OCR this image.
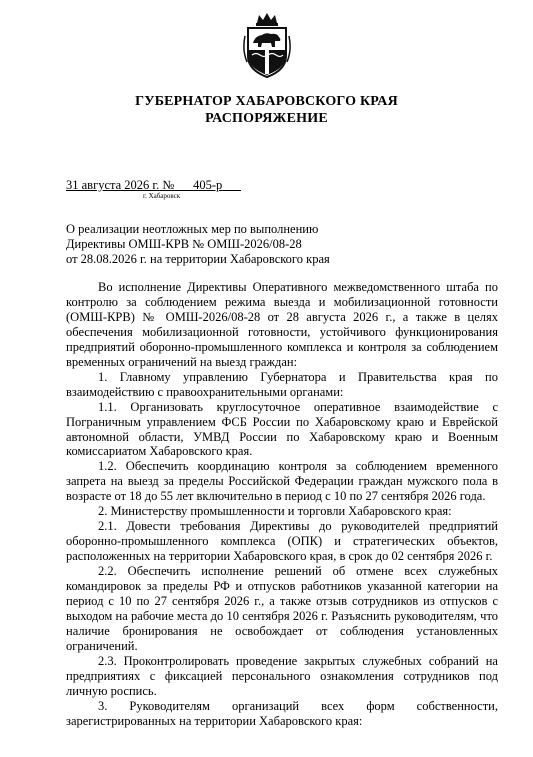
ГУБЕРНАТОР ХАБАРОВСКОГО КРАЯ
РАСПОРЯЖЕНИЕ
31 августа 2026 г. № 405-р
г. Хабаровск
О реализации неотложных мер по выполнению
Директивы ОМШ-КРВ № ОМШ-2026/08-28
от 28.08.2026 г. на территории Хабаровского края

Во исполнение Директивы Оперативного межведомственного штаба по контролю за соблюдением режима выезда и мобилизационной готовности (ОМШ-КРВ) № ОМШ-2026/08-28 от 28 августа 2026 г., а также в целях обеспечения мобилизационной готовности, устойчивого функционирования предприятий оборонно-промышленного комплекса и контроля за соблюдением временных ограничений на выезд граждан:

1. Главному управлению Губернатора и Правительства края по взаимодействию с правоохранительными органами:

1.1. Организовать круглосуточное оперативное взаимодействие с Пограничным управлением ФСБ России по Хабаровскому краю и Еврейской автономной области, УМВД России по Хабаровскому краю и Военным комиссариатом Хабаровского края.

1.2. Обеспечить координацию контроля за соблюдением временного запрета на выезд за пределы Российской Федерации граждан мужского пола в возрасте от 18 до 55 лет включительно в период с 10 по 27 сентября 2026 года.

2. Министерству промышленности и торговли Хабаровского края:

2.1. Довести требования Директивы до руководителей предприятий оборонно-промышленного комплекса (ОПК) и стратегических объектов, расположенных на территории Хабаровского края, в срок до 02 сентября 2026 г.

2.2. Обеспечить исполнение решений об отмене всех служебных командировок за пределы РФ и отпусков работников указанной категории на период с 10 по 27 сентября 2026 г., а также отзыв сотрудников из отпусков с выходом на рабочие места до 10 сентября 2026 г. Разъяснить руководителям, что наличие бронирования не освобождает от соблюдения установленных ограничений.

2.3. Проконтролировать проведение закрытых служебных собраний на предприятиях с фиксацией персонального ознакомления сотрудников под личную роспись.

3. Руководителям организаций всех форм собственности, зарегистрированных на территории Хабаровского края:
